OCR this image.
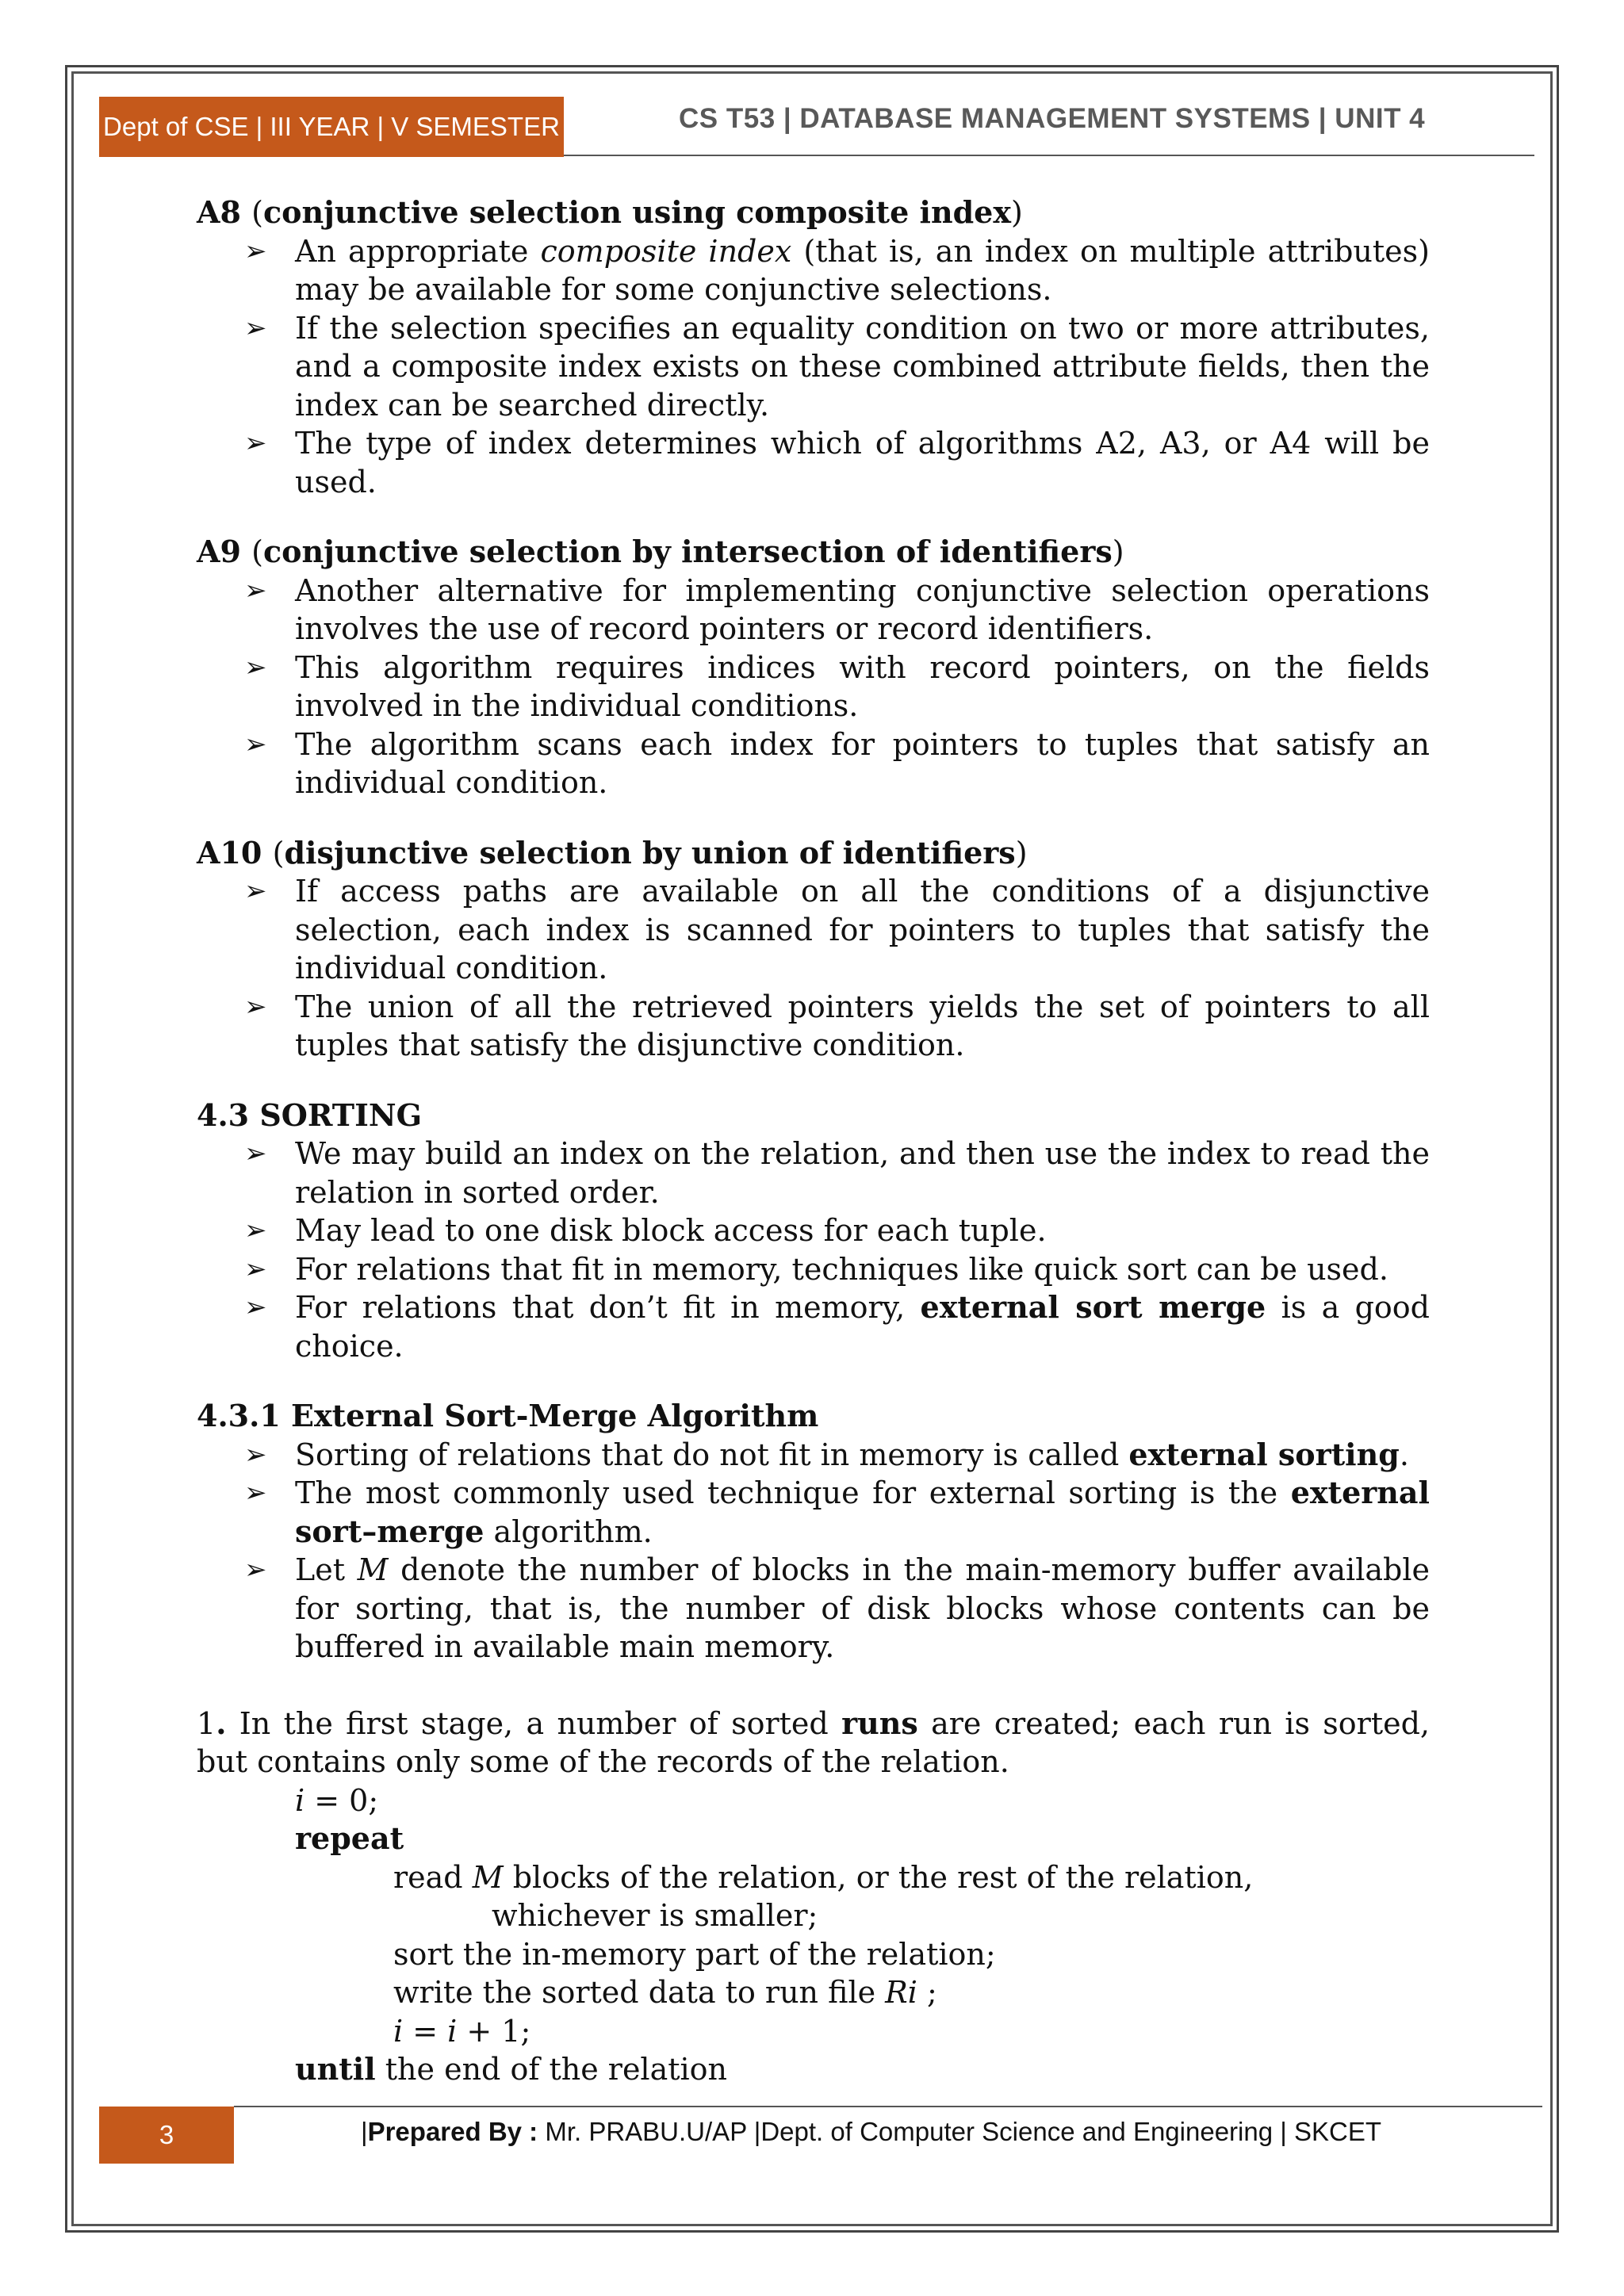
Dept of CSE | III YEAR | V SEMESTER	CS T53 | DATABASE MANAGEMENT SYSTEMS | UNIT 4
A8 (conjunctive selection using composite index)
➢ An appropriate composite index (that is, an index on multiple attributes) may be available for some conjunctive selections.
➢ If the selection specifies an equality condition on two or more attributes, and a composite index exists on these combined attribute fields, then the index can be searched directly.
➢ The type of index determines which of algorithms A2, A3, or A4 will be used.
A9 (conjunctive selection by intersection of identifiers)
➢ Another alternative for implementing conjunctive selection operations involves the use of record pointers or record identifiers.
➢ This algorithm requires indices with record pointers, on the fields involved in the individual conditions.
➢ The algorithm scans each index for pointers to tuples that satisfy an individual condition.
A10 (disjunctive selection by union of identifiers)
➢ If access paths are available on all the conditions of a disjunctive selection, each index is scanned for pointers to tuples that satisfy the individual condition.
➢ The union of all the retrieved pointers yields the set of pointers to all tuples that satisfy the disjunctive condition.
4.3 SORTING
➢ We may build an index on the relation, and then use the index to read the relation in sorted order.
➢ May lead to one disk block access for each tuple.
➢ For relations that fit in memory, techniques like quick sort can be used.
➢ For relations that don’t fit in memory, external sort merge is a good choice.
4.3.1 External Sort-Merge Algorithm
➢ Sorting of relations that do not fit in memory is called external sorting.
➢ The most commonly used technique for external sorting is the external sort–merge algorithm.
➢ Let M denote the number of blocks in the main-memory buffer available for sorting, that is, the number of disk blocks whose contents can be buffered in available main memory.
1. In the first stage, a number of sorted runs are created; each run is sorted, but contains only some of the records of the relation.
i = 0;
repeat
read M blocks of the relation, or the rest of the relation,
whichever is smaller;
sort the in-memory part of the relation;
write the sorted data to run file Ri ;
i = i + 1;
until the end of the relation
3	|Prepared By : Mr. PRABU.U/AP |Dept. of Computer Science and Engineering | SKCET
